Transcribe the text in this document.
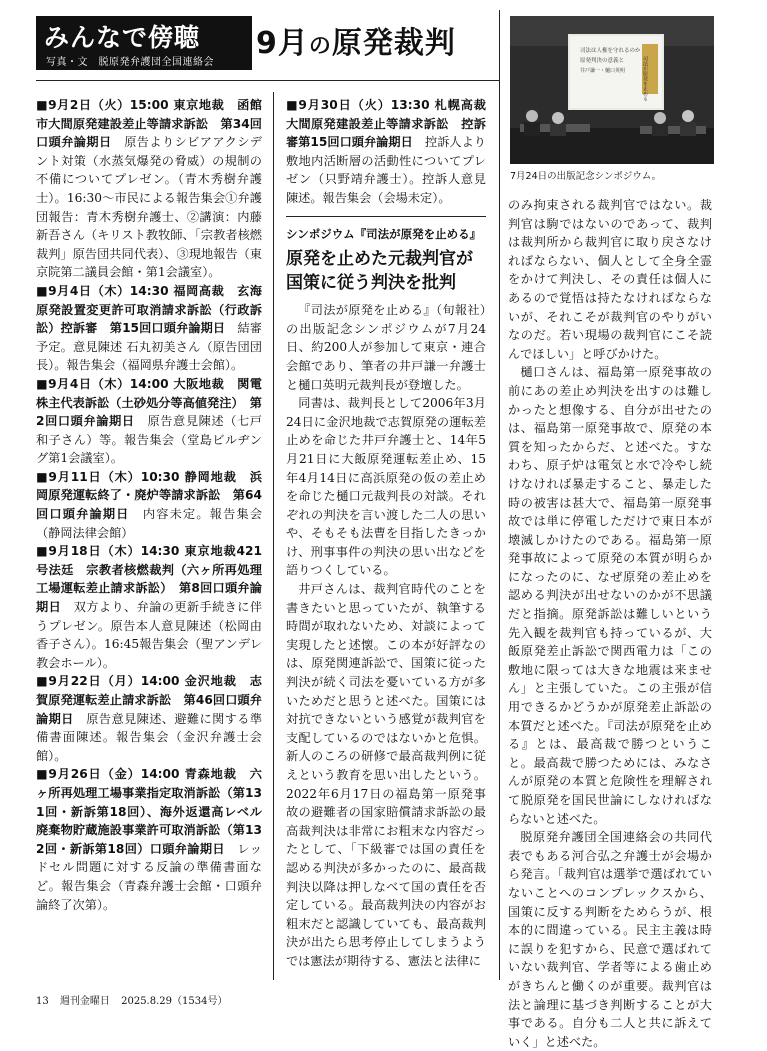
みんなで傍聴
写真・文　脱原発弁護団全国連絡会
9月の原発裁判

■9月2日（火）15:00 東京地裁　函館市大間原発建設差止等請求訴訟　第34回口頭弁論期日　原告よりシビアアクシデント対策（水蒸気爆発の脅威）の規制の不備についてプレゼン。（青木秀樹弁護士）。16:30〜市民による報告集会①弁護団報告：青木秀樹弁護士、②講演：内藤新吾さん（キリスト教牧師、「宗教者核燃裁判」原告団共同代表）、③現地報告（東京院第二議員会館・第1会議室）。

■9月4日（木）14:30 福岡高裁　玄海原発設置変更許可取消請求訴訟（行政訴訟）控訴審　第15回口頭弁論期日　結審予定。意見陳述 石丸初美さん（原告団団長）。報告集会（福岡県弁護士会館）。

■9月4日（木）14:00 大阪地裁　関電株主代表訴訟（土砂処分等高値発注）　第2回口頭弁論期日　原告意見陳述（七戸和子さん）等。報告集会（堂島ビルヂング第1会議室）。

■9月11日（木）10:30 静岡地裁　浜岡原発運転終了・廃炉等請求訴訟　第64回口頭弁論期日　内容未定。報告集会（静岡法律会館）

■9月18日（木）14:30 東京地裁421号法廷　宗教者核燃裁判（六ヶ所再処理工場運転差止請求訴訟）　第8回口頭弁論期日　双方より、弁論の更新手続きに伴うプレゼン。原告本人意見陳述（松岡由香子さん）。16:45報告集会（聖アンデレ教会ホール）。

■9月22日（月）14:00 金沢地裁　志賀原発運転差止請求訴訟　第46回口頭弁論期日　原告意見陳述、避難に関する準備書面陳述。報告集会（金沢弁護士会館）。

■9月26日（金）14:00 青森地裁　六ヶ所再処理工場事業指定取消訴訟（第131回・新訴第18回）、海外返還高レベル廃棄物貯蔵施設事業許可取消訴訟（第132回・新訴第18回）口頭弁論期日　レッドセル問題に対する反論の準備書面など。報告集会（青森弁護士会館・口頭弁論終了次第）。

■9月30日（火）13:30 札幌高裁 大間原発建設差止等請求訴訟　控訴審第15回口頭弁論期日　控訴人より敷地内活断層の活動性についてプレゼン（只野靖弁護士）。控訴人意見陳述。報告集会（会場未定）。

シンポジウム『司法が原発を止める』

原発を止めた元裁判官が国策に従う判決を批判

『司法が原発を止める』（旬報社）の出版記念シンポジウムが7月24日、約200人が参加して東京・連合会館であり、筆者の井戸謙一弁護士と樋口英明元裁判長が登壇した。

同書は、裁判長として2006年3月24日に金沢地裁で志賀原発の運転差止めを命じた井戸弁護士と、14年5月21日に大飯原発運転差止め、15年4月14日に高浜原発の仮の差止めを命じた樋口元裁判長の対談。それぞれの判決を言い渡した二人の思いや、そもそも法曹を目指したきっかけ、刑事事件の判決の思い出などを語りつくしている。

井戸さんは、裁判官時代のことを書きたいと思っていたが、執筆する時間が取れないため、対談によって実現したと述懐。この本が好評なのは、原発関連訴訟で、国策に従った判決が続く司法を憂いている方が多いためだと思うと述べた。国策には対抗できないという感覚が裁判官を支配しているのではないかと危惧。新人のころの研修で最高裁判例に従えという教育を思い出したという。2022年6月17日の福島第一原発事故の避難者の国家賠償請求訴訟の最高裁判決は非常にお粗末な内容だったとして、「下級審では国の責任を認める判決が多かったのに、最高裁判決以降は押しなべて国の責任を否定している。最高裁判決の内容がお粗末だと認識していても、最高裁判決が出たら思考停止してしまうようでは憲法が期待する、憲法と法律に

司法は人権を守れるのか
原発判決の意義と
井戸謙一・樋口英明	司法が原発を止める
7月24日の出版記念シンポジウム。

のみ拘束される裁判官ではない。裁判官は駒ではないのであって、裁判は裁判所から裁判官に取り戻さなければならない、個人として全身全霊をかけて判決し、その責任は個人にあるので覚悟は持たなければならないが、それこそが裁判官のやりがいなのだ。若い現場の裁判官にこそ読んでほしい」と呼びかけた。

樋口さんは、福島第一原発事故の前にあの差止め判決を出すのは難しかったと想像する、自分が出せたのは、福島第一原発事故で、原発の本質を知ったからだ、と述べた。すなわち、原子炉は電気と水で冷やし続けなければ暴走すること、暴走した時の被害は甚大で、福島第一原発事故では単に停電しただけで東日本が壊滅しかけたのである。福島第一原発事故によって原発の本質が明らかになったのに、なぜ原発の差止めを認める判決が出せないのかが不思議だと指摘。原発訴訟は難しいという先入観を裁判官も持っているが、大飯原発差止訴訟で関西電力は「この敷地に限っては大きな地震は来ません」と主張していた。この主張が信用できるかどうかが原発差止訴訟の本質だと述べた。『司法が原発を止める』とは、最高裁で勝つということ。最高裁で勝つためには、みなさんが原発の本質と危険性を理解されて脱原発を国民世論にしなければならないと述べた。

脱原発弁護団全国連絡会の共同代表でもある河合弘之弁護士が会場から発言。「裁判官は選挙で選ばれていないことへのコンプレックスから、国策に反する判断をためらうが、根本的に間違っている。民主主義は時に誤りを犯すから、民意で選ばれていない裁判官、学者等による歯止めがきちんと働くのが重要。裁判官は法と論理に基づき判断することが大事である。自分も二人と共に訴えていく」と述べた。

13 週刊金曜日 2025.8.29（1534号）
